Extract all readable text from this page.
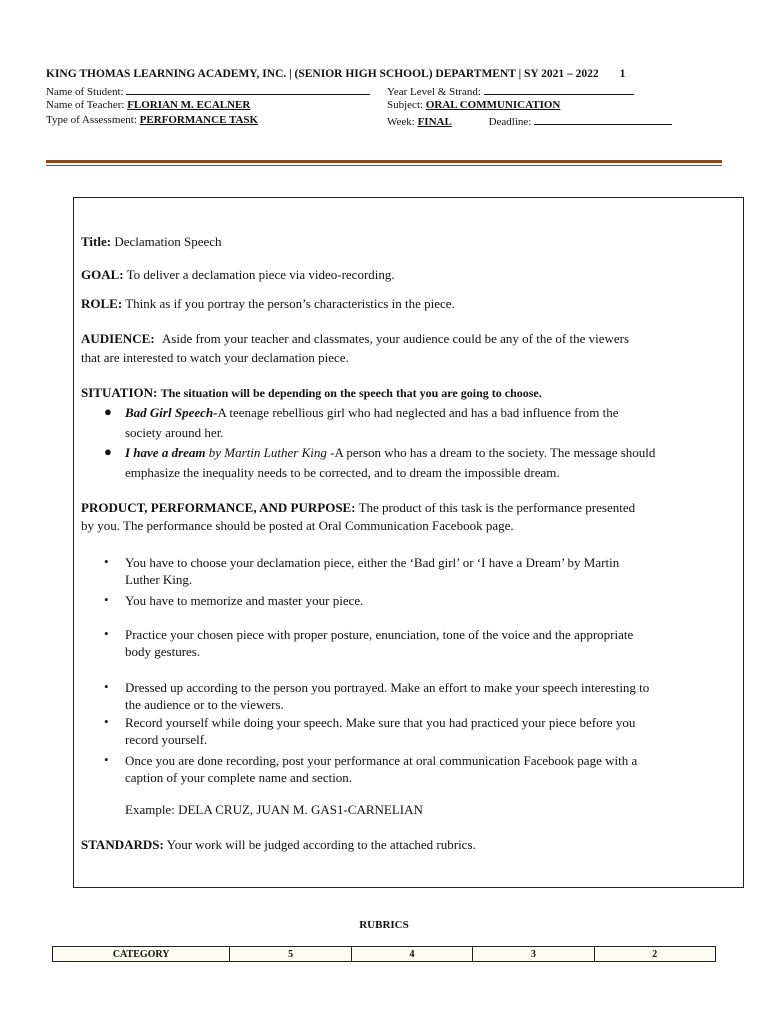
KING THOMAS LEARNING ACADEMY, INC. | (SENIOR HIGH SCHOOL) DEPARTMENT | SY 2021 – 2022 1
Name of Student:	Year Level & Strand:
Name of Teacher: FLORIAN M. ECALNER	Subject: ORAL COMMUNICATION
Type of Assessment: PERFORMANCE TASK	Week: FINAL	Deadline:
Title: Declamation Speech
GOAL: To deliver a declamation piece via video-recording.
ROLE: Think as if you portray the person’s characteristics in the piece.
AUDIENCE: Aside from your teacher and classmates, your audience could be any of the of the viewers
that are interested to watch your declamation piece.
SITUATION: The situation will be depending on the speech that you are going to choose.
● Bad Girl Speech-A teenage rebellious girl who had neglected and has a bad influence from the
society around her.
● I have a dream by Martin Luther King -A person who has a dream to the society. The message should
emphasize the inequality needs to be corrected, and to dream the impossible dream.
PRODUCT, PERFORMANCE, AND PURPOSE: The product of this task is the performance presented
by you. The performance should be posted at Oral Communication Facebook page.
• You have to choose your declamation piece, either the ‘Bad girl’ or ‘I have a Dream’ by Martin
Luther King.
• You have to memorize and master your piece.
• Practice your chosen piece with proper posture, enunciation, tone of the voice and the appropriate
body gestures.
• Dressed up according to the person you portrayed. Make an effort to make your speech interesting to
the audience or to the viewers.
• Record yourself while doing your speech. Make sure that you had practiced your piece before you
record yourself.
• Once you are done recording, post your performance at oral communication Facebook page with a
caption of your complete name and section.
Example: DELA CRUZ, JUAN M. GAS1-CARNELIAN
STANDARDS: Your work will be judged according to the attached rubrics.
RUBRICS
CATEGORY	5	4	3	2
